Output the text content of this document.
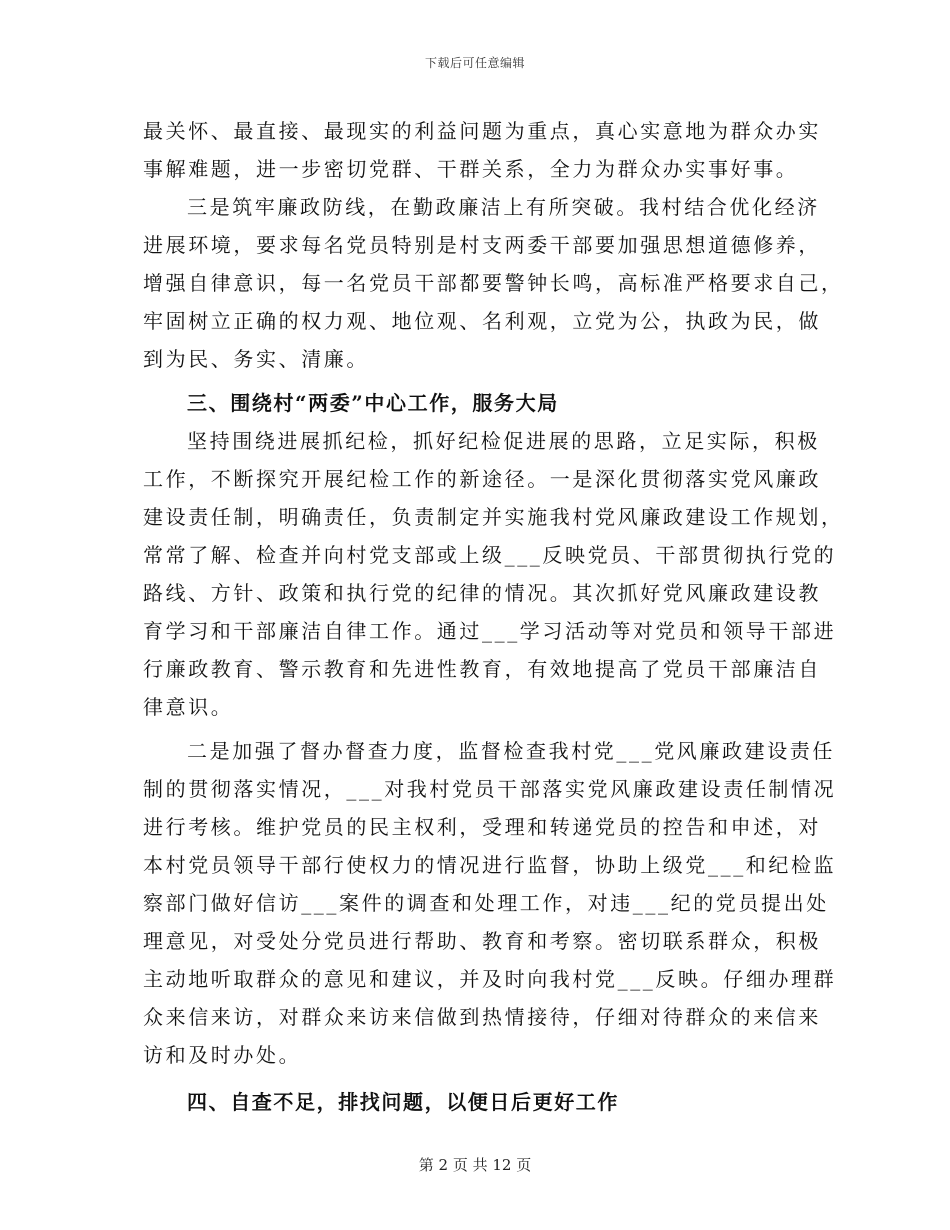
下载后可任意编辑
最关怀、最直接、最现实的利益问题为重点，真心实意地为群众办实
事解难题，进一步密切党群、干群关系，全力为群众办实事好事。
三是筑牢廉政防线，在勤政廉洁上有所突破。我村结合优化经济
进展环境，要求每名党员特别是村支两委干部要加强思想道德修养，
增强自律意识，每一名党员干部都要警钟长鸣，高标准严格要求自己，
牢固树立正确的权力观、地位观、名利观，立党为公，执政为民，做
到为民、务实、清廉。
三、围绕村“两委”中心工作，服务大局
坚持围绕进展抓纪检，抓好纪检促进展的思路，立足实际，积极
工作，不断探究开展纪检工作的新途径。一是深化贯彻落实党风廉政
建设责任制，明确责任，负责制定并实施我村党风廉政建设工作规划，
常常了解、检查并向村党支部或上级___反映党员、干部贯彻执行党的
路线、方针、政策和执行党的纪律的情况。其次抓好党风廉政建设教
育学习和干部廉洁自律工作。通过___学习活动等对党员和领导干部进
行廉政教育、警示教育和先进性教育，有效地提高了党员干部廉洁自
律意识。
二是加强了督办督查力度，监督检查我村党___党风廉政建设责任
制的贯彻落实情况，___对我村党员干部落实党风廉政建设责任制情况
进行考核。维护党员的民主权利，受理和转递党员的控告和申述，对
本村党员领导干部行使权力的情况进行监督，协助上级党___和纪检监
察部门做好信访___案件的调查和处理工作，对违___纪的党员提出处
理意见，对受处分党员进行帮助、教育和考察。密切联系群众，积极
主动地听取群众的意见和建议，并及时向我村党___反映。仔细办理群
众来信来访，对群众来访来信做到热情接待，仔细对待群众的来信来
访和及时办处。
四、自查不足，排找问题，以便日后更好工作
第 2 页 共 12 页
